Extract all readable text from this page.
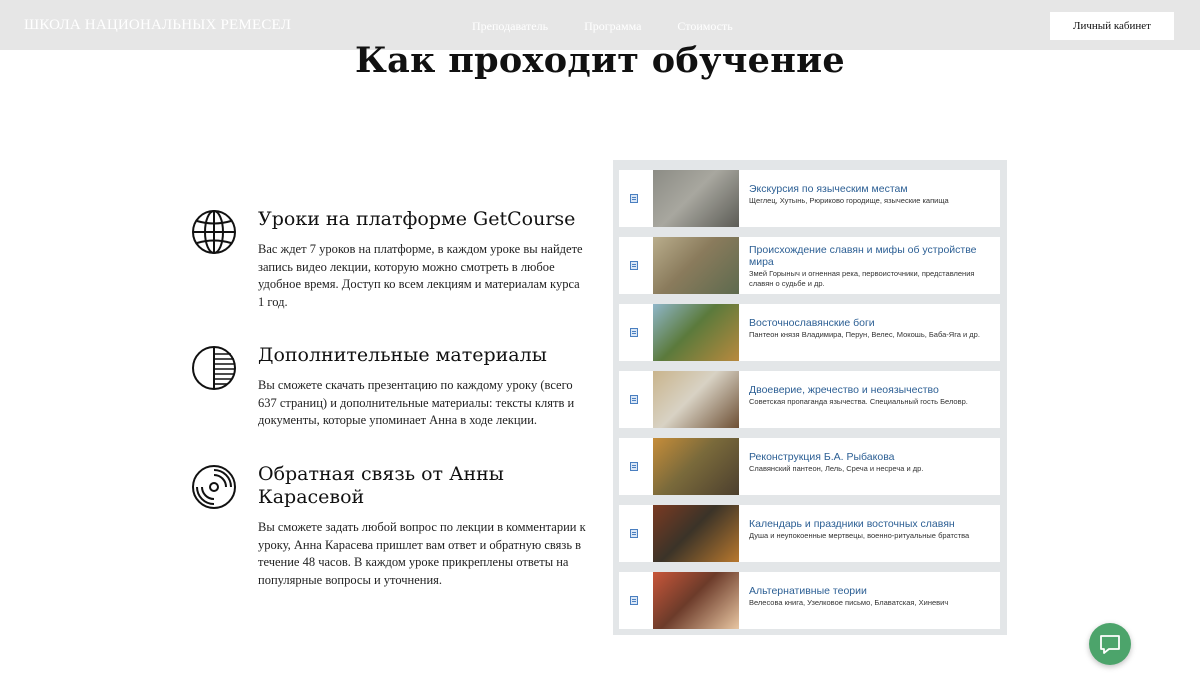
ШКОЛА НАЦИОНАЛЬНЫХ РЕМЕСЕЛ	Преподаватель	Программа	Стоимость	Личный кабинет
Как проходит обучение
Уроки на платформе GetCourse

Вас ждет 7 уроков на платформе, в каждом уроке вы найдете запись видео лекции, которую можно смотреть в любое удобное время. Доступ ко всем лекциям и материалам курса 1 год.

Дополнительные материалы

Вы сможете скачать презентацию по каждому уроку (всего 637 страниц) и дополнительные материалы: тексты клятв и документы, которые упоминает Анна в ходе лекции.

Обратная связь от Анны Карасевой

Вы сможете задать любой вопрос по лекции в комментарии к уроку, Анна Карасева пришлет вам ответ и обратную связь в течение 48 часов. В каждом уроке прикреплены ответы на популярные вопросы и уточнения.

Экскурсия по языческим местам
Щеглец, Хутынь, Рюриково городище, языческие капища
Происхождение славян и мифы об устройстве мира
Змей Горыныч и огненная река, первоисточники, представления славян о судьбе и др.
Восточнославянские боги
Пантеон князя Владимира, Перун, Велес, Мокошь, Баба-Яга и др.
Двоеверие, жречество и неоязычество
Советская пропаганда язычества. Специальный гость Беловр.
Реконструкция Б.А. Рыбакова
Славянский пантеон, Лель, Среча и несреча и др.
Календарь и праздники восточных славян
Душа и неупокоенные мертвецы, военно-ритуальные братства
Альтернативные теории
Велесова книга, Узелковое письмо, Блаватская, Хиневич
